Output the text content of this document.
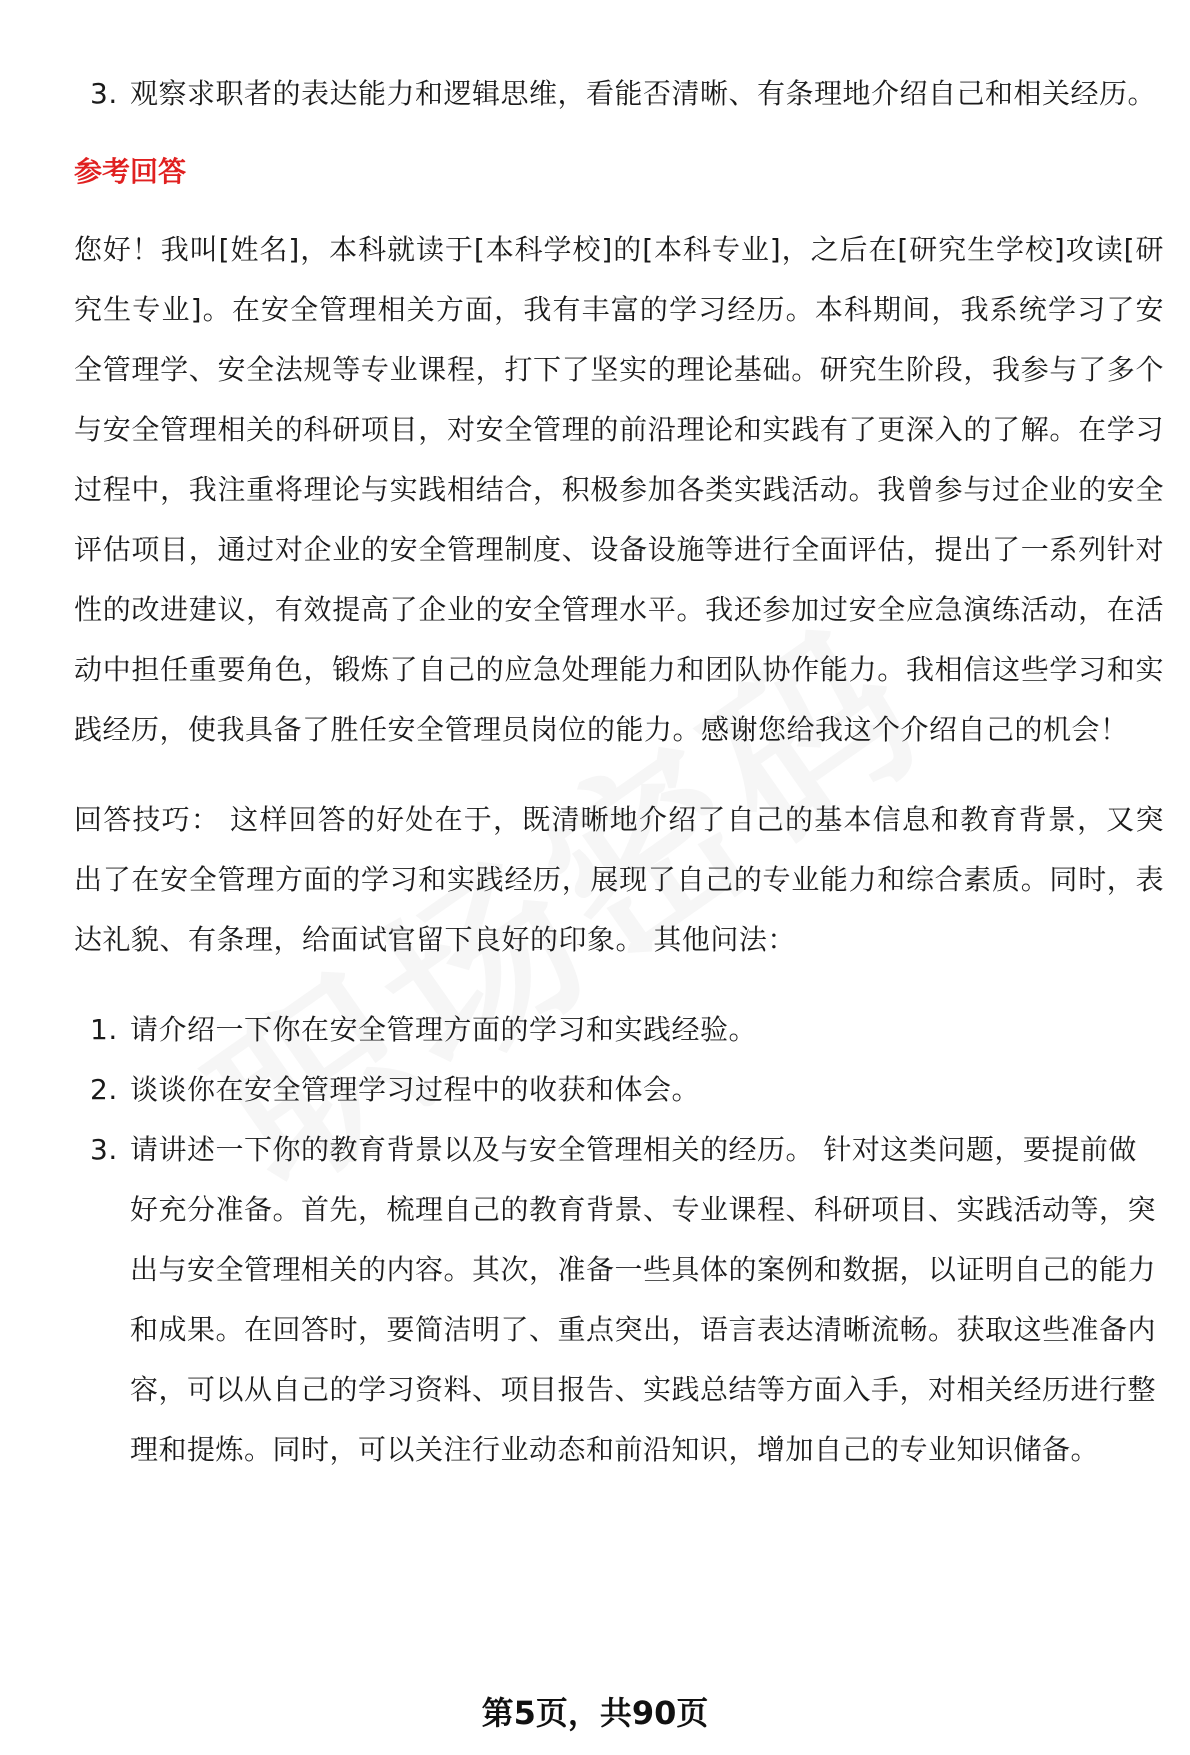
3. 观察求职者的表达能力和逻辑思维，看能否清晰、有条理地介绍自己和相关经历。
参考回答

您好！我叫[姓名]，本科就读于[本科学校]的[本科专业]，之后在[研究生学校]攻读[研究生专业]。在安全管理相关方面，我有丰富的学习经历。本科期间，我系统学习了安全管理学、安全法规等专业课程，打下了坚实的理论基础。研究生阶段，我参与了多个与安全管理相关的科研项目，对安全管理的前沿理论和实践有了更深入的了解。在学习过程中，我注重将理论与实践相结合，积极参加各类实践活动。我曾参与过企业的安全评估项目，通过对企业的安全管理制度、设备设施等进行全面评估，提出了一系列针对性的改进建议，有效提高了企业的安全管理水平。我还参加过安全应急演练活动，在活动中担任重要角色，锻炼了自己的应急处理能力和团队协作能力。我相信这些学习和实践经历，使我具备了胜任安全管理员岗位的能力。感谢您给我这个介绍自己的机会！

回答技巧： 这样回答的好处在于，既清晰地介绍了自己的基本信息和教育背景，又突出了在安全管理方面的学习和实践经历，展现了自己的专业能力和综合素质。同时，表达礼貌、有条理，给面试官留下良好的印象。 其他问法：

1. 请介绍一下你在安全管理方面的学习和实践经验。
2. 谈谈你在安全管理学习过程中的收获和体会。
3. 请讲述一下你的教育背景以及与安全管理相关的经历。 针对这类问题，要提前做好充分准备。首先，梳理自己的教育背景、专业课程、科研项目、实践活动等，突出与安全管理相关的内容。其次，准备一些具体的案例和数据，以证明自己的能力和成果。在回答时，要简洁明了、重点突出，语言表达清晰流畅。获取这些准备内容，可以从自己的学习资料、项目报告、实践总结等方面入手，对相关经历进行整理和提炼。同时，可以关注行业动态和前沿知识，增加自己的专业知识储备。
第5页，共90页
